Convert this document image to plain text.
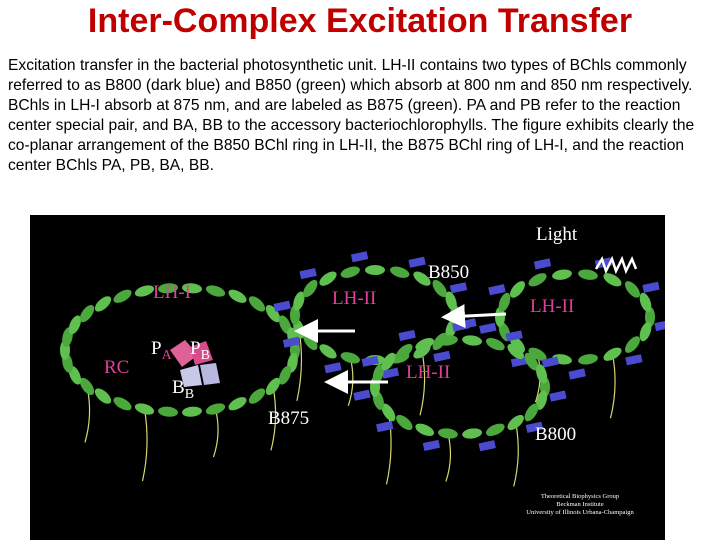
Inter-Complex Excitation Transfer
Excitation transfer in the bacterial photosynthetic unit. LH-II contains two types of BChls commonly referred to as B800 (dark blue) and B850 (green) which absorb at 800 nm and 850 nm respectively. BChls in LH-I absorb at 875 nm, and are labeled as B875 (green). PA and PB refer to the reaction center special pair, and BA, BB to the accessory bacteriochlorophylls. The figure exhibits clearly the co-planar arrangement of the B850 BChl ring in LH-II, the B875 BChl ring of LH-I, and the reaction center BChls PA, PB, BA, BB.
Light
B850
LH-I	LH-II	LH-II
RC	LH-II
$P_A$ $P_B$
$B_B$
B875
B800
Theoretical Biophysics Group
Beckman Institute
University of Illinois Urbana-Champaign
